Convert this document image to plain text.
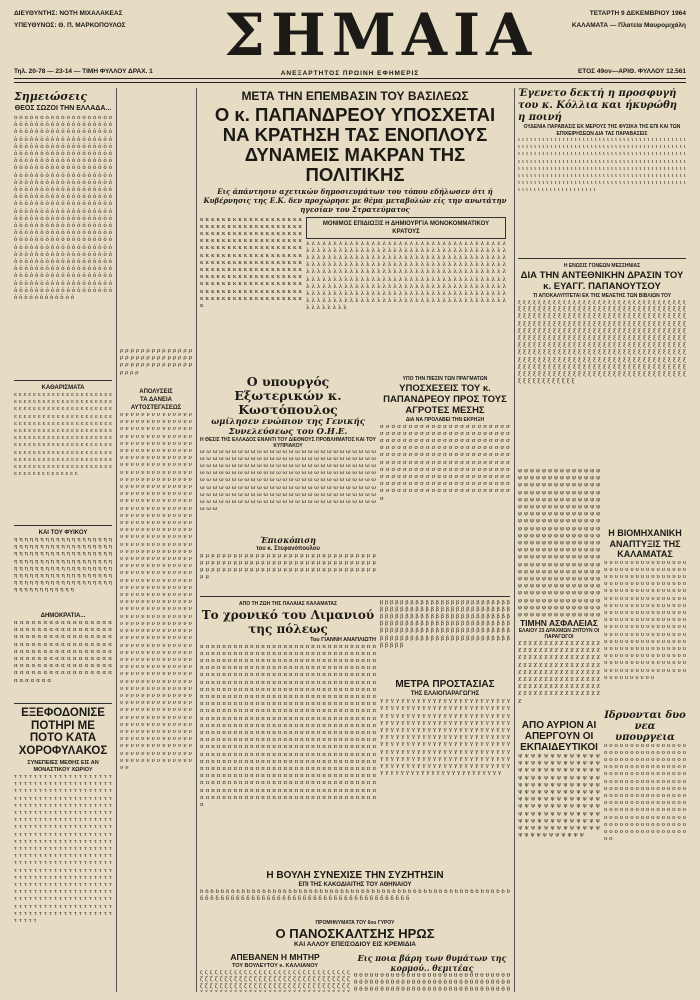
ΔΙΕΥΘΥΝΤΗΣ: ΝΟΤΗ ΜΙΧΑΛΑΚΕΑΣ
ΥΠΕΥΘΥΝΟΣ: Θ. Π. ΜΑΡΚΟΠΟΥΛΟΣ	ΣΗΜΑΙΑ
ΑΝΕΞΑΡΤΗΤΟΣ ΠΡΩΙΝΗ ΕΦΗΜΕΡΙΣ
ΤΕΤΑΡΤΗ 9 ΔΕΚΕΜΒΡΙΟΥ 1964
ΚΑΛΑΜΑΤΑ — Πλατεία Μαυρομιχάλη
Τηλ. 20-78 — 23-14 — ΤΙΜΗ ΦΥΛΛΟΥ ΔΡΑΧ. 1	ΕΤΟΣ 49ον—ΑΡΙΘ. ΦΥΛΛΟΥ 12.561
Σημειώσεις
ΘΕΟΣ ΣΩΖΟΙ ΤΗΝ ΕΛΛΑΔΑ...
ὁ ὁ ὁ ὁ ὁ ὁ ὁ ὁ ὁ ὁ ὁ ὁ ὁ ὁ ὁ ὁ ὁ ὁ ὁ ὁ ὁ ὁ ὁ ὁ ὁ ὁ ὁ ὁ ὁ ὁ ὁ ὁ ὁ ὁ ὁ ὁ ὁ ὁ ὁ ὁ ὁ ὁ ὁ ὁ ὁ ὁ ὁ ὁ ὁ ὁ ὁ ὁ ὁ ὁ ὁ ὁ ὁ ὁ ὁ ὁ ὁ ὁ ὁ ὁ ὁ ὁ ὁ ὁ ὁ ὁ ὁ ὁ ὁ ὁ ὁ ὁ ὁ ὁ ὁ ὁ ὁ ὁ ὁ ὁ ὁ ὁ ὁ ὁ ὁ ὁ ὁ ὁ ὁ ὁ ὁ ὁ ὁ ὁ ὁ ὁ ὁ ὁ ὁ ὁ ὁ ὁ ὁ ὁ ὁ ὁ ὁ ὁ ὁ ὁ ὁ ὁ ὁ ὁ ὁ ὁ ὁ ὁ ὁ ὁ ὁ ὁ ὁ ὁ ὁ ὁ ὁ ὁ ὁ ὁ ὁ ὁ ὁ ὁ ὁ ὁ ὁ ὁ ὁ ὁ ὁ ὁ ὁ ὁ ὁ ὁ ὁ ὁ ὁ ὁ ὁ ὁ ὁ ὁ ὁ ὁ ὁ ὁ ὁ ὁ ὁ ὁ ὁ ὁ ὁ ὁ ὁ ὁ ὁ ὁ ὁ ὁ ὁ ὁ ὁ ὁ ὁ ὁ ὁ ὁ ὁ ὁ ὁ ὁ ὁ ὁ ὁ ὁ ὁ ὁ ὁ ὁ ὁ ὁ ὁ ὁ ὁ ὁ ὁ ὁ ὁ ὁ ὁ ὁ ὁ ὁ ὁ ὁ ὁ ὁ ὁ ὁ ὁ ὁ ὁ ὁ ὁ ὁ ὁ ὁ ὁ ὁ ὁ ὁ ὁ ὁ ὁ ὁ ὁ ὁ ὁ ὁ ὁ ὁ ὁ ὁ ὁ ὁ ὁ ὁ ὁ ὁ ὁ ὁ ὁ ὁ ὁ ὁ ὁ ὁ ὁ ὁ ὁ ὁ ὁ ὁ ὁ ὁ ὁ ὁ ὁ ὁ ὁ ὁ ὁ ὁ ὁ ὁ ὁ ὁ ὁ ὁ ὁ ὁ ὁ ὁ ὁ ὁ ὁ ὁ ὁ ὁ ὁ ὁ ὁ ὁ ὁ ὁ ὁ ὁ ὁ ὁ ὁ ὁ ὁ ὁ ὁ ὁ ὁ ὁ ὁ ὁ ὁ ὁ ὁ ὁ ὁ ὁ ὁ ὁ ὁ ὁ ὁ ὁ ὁ ὁ ὁ ὁ ὁ ὁ ὁ ὁ ὁ ὁ ὁ ὁ ὁ ὁ ὁ ὁ ὁ ὁ ὁ ὁ ὁ ὁ ὁ ὁ ὁ ὁ ὁ ὁ ὁ ὁ ὁ ὁ ὁ ὁ ὁ ὁ ὁ ὁ ὁ ὁ ὁ ὁ ὁ ὁ ὁ ὁ ὁ ὁ ὁ ὁ ὁ ὁ ὁ ὁ ὁ ὁ ὁ ὁ ὁ ὁ ὁ ὁ ὁ ὁ ὁ ὁ ὁ ὁ ὁ ὁ ὁ ὁ ὁ ὁ ὁ ὁ ὁ ὁ ὁ ὁ ὁ ὁ ὁ ὁ ὁ ὁ ὁ ὁ ὁ ὁ ὁ ὁ ὁ ὁ ὁ ὁ ὁ ὁ ὁ ὁ ὁ ὁ ὁ ὁ ὁ ὁ ὁ ὁ ὁ ὁ ὁ ὁ ὁ ὁ ὁ ὁ ὁ ὁ ὁ ὁ ὁ ὁ ὁ ὁ ὁ ὁ ὁ ὁ ὁ ὁ ὁ ὁ ὁ ὁ ὁ ὁ ὁ ὁ ὁ ὁ ὁ ὁ ὁ ὁ ὁ ὁ ὁ ὁ ὁ ὁ ὁ ὁ ὁ ὁ ὁ ὁ ὁ ὁ ὁ ὁ ὁ ὁ ὁ ὁ ὁ ὁ ὁ ὁ ὁ
ΚΑΘΑΡΙΣΜΑΤΑ
ε ε ε ε ε ε ε ε ε ε ε ε ε ε ε ε ε ε ε ε ε ε ε ε ε ε ε ε ε ε ε ε ε ε ε ε ε ε ε ε ε ε ε ε ε ε ε ε ε ε ε ε ε ε ε ε ε ε ε ε ε ε ε ε ε ε ε ε ε ε ε ε ε ε ε ε ε ε ε ε ε ε ε ε ε ε ε ε ε ε ε ε ε ε ε ε ε ε ε ε ε ε ε ε ε ε ε ε ε ε ε ε ε ε ε ε ε ε ε ε ε ε ε ε ε ε ε ε ε ε ε ε ε ε ε ε ε ε ε ε ε ε ε ε ε ε ε ε ε ε ε ε ε ε ε ε ε ε ε ε ε ε ε ε ε ε ε ε ε ε ε ε ε ε ε ε ε ε ε ε ε ε ε ε ε ε ε ε ε ε ε ε ε ε ε ε ε ε ε ε ε ε ε ε ε ε ε ε ε ε ε ε ε ε ε ε ε ε ε ε ε ε ε ε ε ε ε ε ε ε ε ε ε ε ε ε ε ε ε ε ε ε ε ε ε
ΚΑΙ ΤΟΥ ΦΥΙΚΟΥ
η η η η η η η η η η η η η η η η η η η η η η η η η η η η η η η η η η η η η η η η η η η η η η η η η η η η η η η η η η η η η η η η η η η η η η η η η η η η η η η η η η η η η η η η η η η η η η η η η η η η η η η η η η η η η η η η η η η η η η η η η η η η η η η η η η η η η η η η η η η η η η η η η
ΔΗΜΟΚΡΑΤΙΑ...
α α α α α α α α α α α α α α α α α α α α α α α α α α α α α α α α α α α α α α α α α α α α α α α α α α α α α α α α α α α α α α α α α α α α α α α α α α α α α α α α α α α α α α α α α α α α α α α α α α α α α α α α α α α α α α α α α α α α α α α α α α α α α α α α α α α α α α α α α α α α α α α
ΕΞΕΦΟΔΟΝΙΣΕ ΠΟΤΗΡΙ ΜΕ ΠΟΤΟ ΚΑΤΑ ΧΟΡΟΦΥΛΑΚΟΣ
ΣΥΝΕΠΕΙΕΣ ΜΕΘΗΣ ΕΙΣ ΑΝ ΜΟΝΑΣΤΙΚΟΥ ΧΩΡΙΟΥ
τ τ τ τ τ τ τ τ τ τ τ τ τ τ τ τ τ τ τ τ τ τ τ τ τ τ τ τ τ τ τ τ τ τ τ τ τ τ τ τ τ τ τ τ τ τ τ τ τ τ τ τ τ τ τ τ τ τ τ τ τ τ τ τ τ τ τ τ τ τ τ τ τ τ τ τ τ τ τ τ τ τ τ τ τ τ τ τ τ τ τ τ τ τ τ τ τ τ τ τ τ τ τ τ τ τ τ τ τ τ τ τ τ τ τ τ τ τ τ τ τ τ τ τ τ τ τ τ τ τ τ τ τ τ τ τ τ τ τ τ τ τ τ τ τ τ τ τ τ τ τ τ τ τ τ τ τ τ τ τ τ τ τ τ τ τ τ τ τ τ τ τ τ τ τ τ τ τ τ τ τ τ τ τ τ τ τ τ τ τ τ τ τ τ τ τ τ τ τ τ τ τ τ τ τ τ τ τ τ τ τ τ τ τ τ τ τ τ τ τ τ τ τ τ τ τ τ τ τ τ τ τ τ τ τ τ τ τ τ τ τ τ τ τ τ τ τ τ τ τ τ τ τ τ τ τ τ τ τ τ τ τ τ τ τ τ τ τ τ τ τ τ τ τ τ τ τ τ τ τ τ τ τ τ τ τ τ τ τ τ τ τ τ τ τ τ τ τ τ τ τ τ τ τ τ τ τ τ τ τ τ τ τ τ τ τ τ τ τ τ τ τ τ τ τ τ τ τ τ τ τ τ τ τ τ τ τ τ τ τ τ τ τ τ τ τ τ τ τ τ τ τ τ τ τ τ τ τ τ τ τ τ τ τ τ τ τ τ τ τ τ τ τ τ τ τ τ τ τ τ τ τ τ τ τ τ τ τ τ τ τ τ τ τ τ τ τ τ τ τ τ τ τ τ τ
ρ ρ ρ ρ ρ ρ ρ ρ ρ ρ ρ ρ ρ ρ ρ ρ ρ ρ ρ ρ ρ ρ ρ ρ ρ ρ ρ ρ ρ ρ ρ ρ ρ ρ ρ ρ ρ ρ ρ ρ ρ ρ ρ ρ ρ ρ
ΑΠΟΛΥΣΕΙΣ
ΤΑ ΔΑΝΕΙΑ ΑΥΤΟΣΤΕΓΑΣΕΩΣ
ν ν ν ν ν ν ν ν ν ν ν ν ν ν ν ν ν ν ν ν ν ν ν ν ν ν ν ν ν ν ν ν ν ν ν ν ν ν ν ν ν ν ν ν ν ν ν ν ν ν ν ν ν ν ν ν ν ν ν ν ν ν ν ν ν ν ν ν ν ν ν ν ν ν ν ν ν ν ν ν ν ν ν ν ν ν ν ν ν ν ν ν ν ν ν ν ν ν ν ν ν ν ν ν ν ν ν ν ν ν ν ν ν ν ν ν ν ν ν ν ν ν ν ν ν ν ν ν ν ν ν ν ν ν ν ν ν ν ν ν ν ν ν ν ν ν ν ν ν ν ν ν ν ν ν ν ν ν ν ν ν ν ν ν ν ν ν ν ν ν ν ν ν ν ν ν ν ν ν ν ν ν ν ν ν ν ν ν ν ν ν ν ν ν ν ν ν ν ν ν ν ν ν ν ν ν ν ν ν ν ν ν ν ν ν ν ν ν ν ν ν ν ν ν ν ν ν ν ν ν ν ν ν ν ν ν ν ν ν ν ν ν ν ν ν ν ν ν ν ν ν ν ν ν ν ν ν ν ν ν ν ν ν ν ν ν ν ν ν ν ν ν ν ν ν ν ν ν ν ν ν ν ν ν ν ν ν ν ν ν ν ν ν ν ν ν ν ν ν ν ν ν ν ν ν ν ν ν ν ν ν ν ν ν ν ν ν ν ν ν ν ν ν ν ν ν ν ν ν ν ν ν ν ν ν ν ν ν ν ν ν ν ν ν ν ν ν ν ν ν ν ν ν ν ν ν ν ν ν ν ν ν ν ν ν ν ν ν ν ν ν ν ν ν ν ν ν ν ν ν ν ν ν ν ν ν ν ν ν ν ν ν ν ν ν ν ν ν ν ν ν ν ν ν ν ν ν ν ν ν ν ν ν ν ν ν ν ν ν ν ν ν ν ν ν ν ν ν ν ν ν ν ν ν ν ν ν ν ν ν ν ν ν ν ν ν ν ν ν ν ν ν ν ν ν ν ν ν ν ν ν ν ν ν ν ν ν ν ν ν ν ν ν ν ν ν ν ν ν ν ν ν ν ν ν ν ν ν ν ν ν ν ν ν ν ν ν ν ν ν ν ν ν ν ν ν ν ν ν ν ν ν ν ν ν ν ν ν ν ν ν ν ν ν ν ν ν ν ν ν ν ν ν ν ν ν ν ν ν ν ν ν ν ν ν ν ν ν ν ν ν ν ν ν ν ν ν ν ν ν ν ν ν ν ν ν ν ν ν ν ν ν ν ν ν ν ν ν ν ν ν ν ν ν ν ν ν ν ν ν ν ν ν ν ν ν ν ν ν ν ν ν ν ν ν ν ν ν ν ν ν ν ν ν ν ν ν ν ν ν ν ν ν ν ν ν ν ν ν ν ν ν ν ν ν ν ν ν ν ν ν ν ν ν ν ν ν ν ν ν ν ν ν ν ν ν ν ν ν ν ν ν ν ν ν ν ν ν ν ν ν ν ν ν ν ν ν ν ν ν ν ν ν ν ν ν ν ν
ΜΕΤΑ ΤΗΝ ΕΠΕΜΒΑΣΙΝ ΤΟΥ ΒΑΣΙΛΕΩΣ
Ο κ. ΠΑΠΑΝΔΡΕΟΥ ΥΠΟΣΧΕΤΑΙ ΝΑ ΚΡΑΤΗΣΗ ΤΑΣ ΕΝΟΠΛΟΥΣ ΔΥΝΑΜΕΙΣ ΜΑΚΡΑΝ ΤΗΣ ΠΟΛΙΤΙΚΗΣ
Εις άπάντησιν αχετικών δημοσιευμάτων του τόπου εδήλωσεν ότι ή Κυβέρνησις της Ε.Κ. δεν προχώρησε με θέμα μεταβολών είς την ανωτάτην ηγεσίαν του Στρατεύματος
κ κ κ κ κ κ κ κ κ κ κ κ κ κ κ κ κ κ κ κ κ κ κ κ κ κ κ κ κ κ κ κ κ κ κ κ κ κ κ κ κ κ κ κ κ κ κ κ κ κ κ κ κ κ κ κ κ κ κ κ κ κ κ κ κ κ κ κ κ κ κ κ κ κ κ κ κ κ κ κ κ κ κ κ κ κ κ κ κ κ κ κ κ κ κ κ κ κ κ κ κ κ κ κ κ κ κ κ κ κ κ κ κ κ κ κ κ κ κ κ κ κ κ κ κ κ κ κ κ κ κ κ κ κ κ κ κ κ κ κ κ κ κ κ κ κ κ κ κ κ κ κ κ κ κ κ κ κ κ κ κ κ κ κ κ κ κ κ κ κ κ κ κ κ κ κ κ κ κ κ κ κ κ κ κ κ κ κ κ κ κ κ κ κ κ κ κ κ κ κ κ κ κ κ κ κ κ κ κ κ κ κ κ κ κ κ κ κ κ κ κ κ κ κ κ κ κ κ κ
ΜΟΝΙΜΟΣ ΕΠΙΔΙΩΞΙΣ Η ΔΗΜΙΟΥΡΓΙΑ ΜΟΝΟΚΟΜΜΑΤΙΚΟΥ ΚΡΑΤΟΥΣ
λ λ λ λ λ λ λ λ λ λ λ λ λ λ λ λ λ λ λ λ λ λ λ λ λ λ λ λ λ λ λ λ λ λ λ λ λ λ λ λ λ λ λ λ λ λ λ λ λ λ λ λ λ λ λ λ λ λ λ λ λ λ λ λ λ λ λ λ λ λ λ λ λ λ λ λ λ λ λ λ λ λ λ λ λ λ λ λ λ λ λ λ λ λ λ λ λ λ λ λ λ λ λ λ λ λ λ λ λ λ λ λ λ λ λ λ λ λ λ λ λ λ λ λ λ λ λ λ λ λ λ λ λ λ λ λ λ λ λ λ λ λ λ λ λ λ λ λ λ λ λ λ λ λ λ λ λ λ λ λ λ λ λ λ λ λ λ λ λ λ λ λ λ λ λ λ λ λ λ λ λ λ λ λ λ λ λ λ λ λ λ λ λ λ λ λ λ λ λ λ λ λ λ λ λ λ λ λ λ λ λ λ λ λ λ λ λ λ λ λ λ λ λ λ λ λ λ λ λ λ λ λ λ λ λ λ λ λ λ λ λ λ λ λ λ λ λ λ λ λ λ λ λ λ λ λ λ λ λ λ λ λ λ λ λ λ λ λ λ λ λ λ λ λ λ λ λ λ λ λ λ λ λ λ λ λ λ λ λ λ λ λ λ λ λ λ λ λ λ λ λ λ λ λ λ λ λ λ λ λ λ λ λ λ λ λ λ λ λ λ λ λ λ λ λ λ λ λ λ λ λ λ λ λ λ λ λ λ λ λ λ
Ο υπουργός Εξωτερικών κ. Κωστόπουλος
ωμίλησεν ενώπιον της Γενικής Συνελεύσεως του Ο.Η.Ε.
Η ΘΕΣΙΣ ΤΗΣ ΕΛΛΑΔΟΣ ΕΝΑΝΤΙ ΤΟΥ ΔΙΕΘΝΟΥΣ ΠΡΟΒΛΗΜΑΤΟΣ ΚΑΙ ΤΟΥ ΚΥΠΡΙΑΚΟΥ
ω ω ω ω ω ω ω ω ω ω ω ω ω ω ω ω ω ω ω ω ω ω ω ω ω ω ω ω ω ω ω ω ω ω ω ω ω ω ω ω ω ω ω ω ω ω ω ω ω ω ω ω ω ω ω ω ω ω ω ω ω ω ω ω ω ω ω ω ω ω ω ω ω ω ω ω ω ω ω ω ω ω ω ω ω ω ω ω ω ω ω ω ω ω ω ω ω ω ω ω ω ω ω ω ω ω ω ω ω ω ω ω ω ω ω ω ω ω ω ω ω ω ω ω ω ω ω ω ω ω ω ω ω ω ω ω ω ω ω ω ω ω ω ω ω ω ω ω ω ω ω ω ω ω ω ω ω ω ω ω ω ω ω ω ω ω ω ω ω ω ω ω ω ω ω ω ω ω ω ω ω ω ω ω ω ω ω ω ω ω ω ω ω ω ω ω ω ω ω ω ω ω ω ω ω ω ω ω ω ω ω ω ω ω ω ω ω ω ω ω ω ω ω ω ω ω ω
Έπισκόπιση
του κ. Στεφανόπουλου
μ μ μ μ μ μ μ μ μ μ μ μ μ μ μ μ μ μ μ μ μ μ μ μ μ μ μ μ μ μ μ μ μ μ μ μ μ μ μ μ μ μ μ μ μ μ μ μ μ μ μ μ μ μ μ μ μ μ μ μ μ μ μ μ μ μ μ μ μ μ μ μ μ μ μ μ μ μ μ μ μ μ μ μ μ μ μ μ μ μ μ μ μ μ μ μ μ μ
ΥΠΟ ΤΗΝ ΠΙΕΣΙΝ ΤΩΝ ΠΡΑΓΜΑΤΩΝ
ΥΠΟΣΧΕΣΕΙΣ ΤΟΥ κ. ΠΑΠΑΝΔΡΕΟΥ ΠΡΟΣ ΤΟΥΣ ΑΓΡΟΤΕΣ ΜΕΣΗΣ
ΔΙΑ ΝΑ ΠΡΟΛΑΒΕΙ ΤΗΝ ΕΚΡΗΞΗ
σ σ σ σ σ σ σ σ σ σ σ σ σ σ σ σ σ σ σ σ σ σ σ σ σ σ σ σ σ σ σ σ σ σ σ σ σ σ σ σ σ σ σ σ σ σ σ σ σ σ σ σ σ σ σ σ σ σ σ σ σ σ σ σ σ σ σ σ σ σ σ σ σ σ σ σ σ σ σ σ σ σ σ σ σ σ σ σ σ σ σ σ σ σ σ σ σ σ σ σ σ σ σ σ σ σ σ σ σ σ σ σ σ σ σ σ σ σ σ σ σ σ σ σ σ σ σ σ σ σ σ σ σ σ σ σ σ σ σ σ σ σ σ σ σ σ σ σ σ σ σ σ σ σ σ σ σ σ σ σ σ σ σ σ σ σ σ σ σ σ σ σ σ σ σ σ σ σ σ σ σ σ σ σ σ σ σ σ σ σ σ σ σ σ σ σ σ σ σ σ σ σ σ σ σ σ σ σ σ σ σ σ σ σ σ σ σ σ σ σ σ σ σ σ σ σ σ σ σ σ σ
ΑΠΟ ΤΗ ΖΩΗ ΤΗΣ ΠΑΛΑΙΑΣ ΚΑΛΑΜΑΤΑΣ
Το χρονικό του Λιμανιού της πόλεως
Του ΓΙΑΝΝΗ ΑΝΑΠΛΙΩΤΗ
π π π π π π π π π π π π π π π π π π π π π π π π π π π π π π π π π π π π π π π π π π π π π π π π π π π π π π π π π π π π π π π π π π π π π π π π π π π π π π π π π π π π π π π π π π π π π π π π π π π π π π π π π π π π π π π π π π π π π π π π π π π π π π π π π π π π π π π π π π π π π π π π π π π π π π π π π π π π π π π π π π π π π π π π π π π π π π π π π π π π π π π π π π π π π π π π π π π π π π π π π π π π π π π π π π π π π π π π π π π π π π π π π π π π π π π π π π π π π π π π π π π π π π π π π π π π π π π π π π π π π π π π π π π π π π π π π π π π π π π π π π π π π π π π π π π π π π π π π π π π π π π π π π π π π π π π π π π π π π π π π π π π π π π π π π π π π π π π π π π π π π π π π π π π π π π π π π π π π π π π π π π π π π π π π π π π π π π π π π π π π π π π π π π π π π π π π π π π π π π π π π π π π π π π π π π π π π π π π π π π π π π π π π π π π π π π π π π π π π π π π π π π π π π π π π π π π π π π π π π π π π π π π π π π π π π π π π π π π π π π π π π π π π π π π π π π π π π π π π π π π π π π π π π π π π π π π π π π π π π π π π π π π π π π π π π π π π π π π π π π π π π π π π π π π π π π π π π π π π π π π π π π π π π π π π π π π π π π π π π π π π π π π π π π π π π π π π π π π π π π π π π π π π π π π π π π π π π π π π π π π π π π π π π π π π π π π π π π π π π π π π π π π π π π π π π π π π π π π π π π π π π π π π π π π π π π π π π π π π π π π π π π π π π π π π π π π π π π π π π π π π π π π
β β β β β β β β β β β β β β β β β β β β β β β β β β β β β β β β β β β β β β β β β β β β β β β β β β β β β β β β β β β β β β β β β β β β β β β β β β β β β β β β β β β β β β β β β β β β β β β β β β β β β β β β β β β β β β β β β β β β β β β β β β β β β β β β β β β β β β β β β β β β β β β β β β β β β β β β β β β β β β β β β
ΜΕΤΡΑ ΠΡΟΣΤΑΣΙΑΣ
ΤΗΣ ΕΛΑΙΟΠΑΡΑΓΩΓΗΣ
γ γ γ γ γ γ γ γ γ γ γ γ γ γ γ γ γ γ γ γ γ γ γ γ γ γ γ γ γ γ γ γ γ γ γ γ γ γ γ γ γ γ γ γ γ γ γ γ γ γ γ γ γ γ γ γ γ γ γ γ γ γ γ γ γ γ γ γ γ γ γ γ γ γ γ γ γ γ γ γ γ γ γ γ γ γ γ γ γ γ γ γ γ γ γ γ γ γ γ γ γ γ γ γ γ γ γ γ γ γ γ γ γ γ γ γ γ γ γ γ γ γ γ γ γ γ γ γ γ γ γ γ γ γ γ γ γ γ γ γ γ γ γ γ γ γ γ γ γ γ γ γ γ γ γ γ γ γ γ γ γ γ γ γ γ γ γ γ γ γ γ γ γ γ γ γ γ γ γ γ γ γ γ γ γ γ γ γ γ γ γ γ γ γ γ γ γ γ γ γ γ γ γ γ γ γ γ γ γ γ γ γ γ γ γ γ γ γ γ γ γ γ γ γ γ γ γ γ γ γ γ γ γ γ γ γ γ γ γ γ γ γ γ γ γ γ γ γ γ γ γ γ γ γ γ γ γ γ γ γ γ γ γ γ γ γ γ γ γ γ γ γ γ γ
Η ΒΟΥΛΗ ΣΥΝΕΧΙΣΕ ΤΗΝ ΣΥΖΗΤΗΣΙΝ
ΕΠΙ ΤΗΣ ΚΑΚΟΔΙΑΙΤΗΣ ΤΟΥ ΑΘΗΝΑΙΟΥ
δ δ δ δ δ δ δ δ δ δ δ δ δ δ δ δ δ δ δ δ δ δ δ δ δ δ δ δ δ δ δ δ δ δ δ δ δ δ δ δ δ δ δ δ δ δ δ δ δ δ δ δ δ δ δ δ δ δ δ δ δ δ δ δ δ δ δ δ δ δ δ δ δ δ δ δ δ δ δ δ δ δ δ δ δ δ δ δ δ δ δ δ δ δ δ δ δ δ δ δ δ
ΠΡΟΜΗΝΥΜΑΤΑ ΤΟΥ 6ου ΓΥΡΟΥ
Ο ΠΑΝΟΣΚΑΛΤΣΗΣ ΗΡΩΣ
ΚΑΙ ΑΛΛΟΥ ΕΠΕΙΣΟΔΙΟΥ ΕΙΣ ΚΡΕΜΙΔΙΑ
ΑΠΕΒΑΝΕΝ Η ΜΗΤΗΡ
ΤΟΥ ΒΟΥΛΕΥΤΟΥ κ. ΚΑΛΛΙΑΝΟΥ
ζ ζ ζ ζ ζ ζ ζ ζ ζ ζ ζ ζ ζ ζ ζ ζ ζ ζ ζ ζ ζ ζ ζ ζ ζ ζ ζ ζ ζ ζ ζ ζ ζ ζ ζ ζ ζ ζ ζ ζ ζ ζ ζ ζ ζ ζ ζ ζ ζ ζ ζ ζ ζ ζ ζ ζ ζ ζ ζ ζ ζ ζ ζ ζ ζ ζ ζ ζ ζ ζ ζ ζ ζ ζ ζ ζ ζ ζ ζ ζ ζ ζ ζ ζ ζ ζ ζ ζ ζ ζ ζ ζ ζ
Εις ποια βάρη των θυμάτων της κορμού.. θεμιτέας
θ θ θ θ θ θ θ θ θ θ θ θ θ θ θ θ θ θ θ θ θ θ θ θ θ θ θ θ θ θ θ θ θ θ θ θ θ θ θ θ θ θ θ θ θ θ θ θ θ θ θ θ θ θ θ θ θ θ θ θ θ θ θ θ θ θ θ θ θ θ θ θ θ θ θ θ θ θ θ θ θ θ θ θ θ θ θ θ θ θ
Έγενετο δεκτή η προσφυγή του κ. Κόλλια και ήκυρώθη η ποινή
ΟΥΔΕΝΙΑ ΠΑΡΑΒΑΣΙΣ ΕΚ ΜΕΡΟΥΣ ΤΗΣ ΦΥΣΙΚΑ ΤΗΣ ΕΠΙ ΚΑΙ ΤΩΝ ΕΠΙΧΕΙΡΗΣΕΩΝ ΔΙΑ ΤΑΣ ΠΑΡΑΒΑΣΕΙΣ
ι ι ι ι ι ι ι ι ι ι ι ι ι ι ι ι ι ι ι ι ι ι ι ι ι ι ι ι ι ι ι ι ι ι ι ι ι ι ι ι ι ι ι ι ι ι ι ι ι ι ι ι ι ι ι ι ι ι ι ι ι ι ι ι ι ι ι ι ι ι ι ι ι ι ι ι ι ι ι ι ι ι ι ι ι ι ι ι ι ι ι ι ι ι ι ι ι ι ι ι ι ι ι ι ι ι ι ι ι ι ι ι ι ι ι ι ι ι ι ι ι ι ι ι ι ι ι ι ι ι ι ι ι ι ι ι ι ι ι ι ι ι ι ι ι ι ι ι ι ι ι ι ι ι ι ι ι ι ι ι ι ι ι ι ι ι ι ι ι ι ι ι ι ι ι ι ι ι ι ι ι ι ι ι ι ι ι ι ι ι ι ι ι ι ι ι ι ι ι ι ι ι ι ι ι ι ι ι ι ι ι ι ι ι ι ι ι ι ι ι ι ι ι ι ι ι ι ι ι ι ι ι ι ι ι ι ι ι ι ι ι ι ι ι ι ι ι ι ι ι ι ι ι ι ι ι ι ι ι ι ι ι ι ι ι ι ι ι ι ι ι ι ι ι ι ι ι ι ι ι ι ι ι ι ι ι ι ι ι ι ι ι ι ι ι ι ι ι ι ι ι ι ι ι ι ι ι ι ι ι ι ι ι ι
Η ΕΝΩΣΙΣ ΓΟΝΕΩΝ ΜΕΣΣΗΝΙΑΣ
ΔΙΑ ΤΗΝ ΑΝΤΕΘΝΙΚΗΝ ΔΡΑΣΙΝ ΤΟΥ κ. ΕΥΑΓΓ. ΠΑΠΑΝΟΥΤΣΟΥ
ΤΙ ΑΠΟΚΑΛΥΠΤΕΤΑΙ ΕΚ ΤΗΣ ΜΕΛΕΤΗΣ ΤΩΝ ΒΙΒΛΙΩΝ ΤΟΥ
ξ ξ ξ ξ ξ ξ ξ ξ ξ ξ ξ ξ ξ ξ ξ ξ ξ ξ ξ ξ ξ ξ ξ ξ ξ ξ ξ ξ ξ ξ ξ ξ ξ ξ ξ ξ ξ ξ ξ ξ ξ ξ ξ ξ ξ ξ ξ ξ ξ ξ ξ ξ ξ ξ ξ ξ ξ ξ ξ ξ ξ ξ ξ ξ ξ ξ ξ ξ ξ ξ ξ ξ ξ ξ ξ ξ ξ ξ ξ ξ ξ ξ ξ ξ ξ ξ ξ ξ ξ ξ ξ ξ ξ ξ ξ ξ ξ ξ ξ ξ ξ ξ ξ ξ ξ ξ ξ ξ ξ ξ ξ ξ ξ ξ ξ ξ ξ ξ ξ ξ ξ ξ ξ ξ ξ ξ ξ ξ ξ ξ ξ ξ ξ ξ ξ ξ ξ ξ ξ ξ ξ ξ ξ ξ ξ ξ ξ ξ ξ ξ ξ ξ ξ ξ ξ ξ ξ ξ ξ ξ ξ ξ ξ ξ ξ ξ ξ ξ ξ ξ ξ ξ ξ ξ ξ ξ ξ ξ ξ ξ ξ ξ ξ ξ ξ ξ ξ ξ ξ ξ ξ ξ ξ ξ ξ ξ ξ ξ ξ ξ ξ ξ ξ ξ ξ ξ ξ ξ ξ ξ ξ ξ ξ ξ ξ ξ ξ ξ ξ ξ ξ ξ ξ ξ ξ ξ ξ ξ ξ ξ ξ ξ ξ ξ ξ ξ ξ ξ ξ ξ ξ ξ ξ ξ ξ ξ ξ ξ ξ ξ ξ ξ ξ ξ ξ ξ ξ ξ ξ ξ ξ ξ ξ ξ ξ ξ ξ ξ ξ ξ ξ ξ ξ ξ ξ ξ ξ ξ ξ ξ ξ ξ ξ ξ ξ ξ ξ ξ ξ ξ ξ ξ ξ ξ ξ ξ ξ ξ ξ ξ ξ ξ ξ ξ ξ ξ ξ ξ ξ ξ ξ ξ ξ ξ ξ ξ ξ ξ ξ ξ ξ ξ ξ ξ ξ ξ ξ ξ ξ ξ ξ ξ ξ ξ ξ ξ ξ ξ ξ ξ ξ ξ ξ ξ ξ ξ ξ ξ ξ ξ ξ ξ ξ ξ ξ ξ ξ ξ ξ ξ ξ ξ ξ ξ ξ ξ ξ ξ ξ ξ ξ ξ ξ ξ ξ ξ ξ ξ ξ ξ ξ ξ ξ ξ ξ ξ
φ φ φ φ φ φ φ φ φ φ φ φ φ φ φ φ φ φ φ φ φ φ φ φ φ φ φ φ φ φ φ φ φ φ φ φ φ φ φ φ φ φ φ φ φ φ φ φ φ φ φ φ φ φ φ φ φ φ φ φ φ φ φ φ φ φ φ φ φ φ φ φ φ φ φ φ φ φ φ φ φ φ φ φ φ φ φ φ φ φ φ φ φ φ φ φ φ φ φ φ φ φ φ φ φ φ φ φ φ φ φ φ φ φ φ φ φ φ φ φ φ φ φ φ φ φ φ φ φ φ φ φ φ φ φ φ φ φ φ φ φ φ φ φ φ φ φ φ φ φ φ φ φ φ φ φ φ φ φ φ φ φ φ φ φ φ φ φ φ φ φ φ φ φ φ φ φ φ φ φ φ φ φ φ φ φ φ φ φ φ φ φ φ φ φ φ φ φ φ φ φ φ φ φ φ φ φ φ φ φ φ φ φ φ φ φ φ φ φ φ φ φ φ φ φ φ φ φ φ φ φ φ φ φ φ φ φ φ φ φ φ φ φ φ φ φ φ φ φ φ φ φ φ φ φ φ φ φ φ φ φ φ φ φ φ φ φ φ φ φ φ φ φ φ φ φ φ φ φ φ φ φ φ φ φ φ φ φ φ φ φ φ φ φ
ΤΙΜΗΝ ΑΣΦΑΛΕΙΑΣ
ΕΛΑΙΟΥ 23 ΔΡΑΧΜΩΝ ΖΗΤΟΥΝ ΟΙ ΠΑΡΑΓΩΓΟΙ
χ χ χ χ χ χ χ χ χ χ χ χ χ χ χ χ χ χ χ χ χ χ χ χ χ χ χ χ χ χ χ χ χ χ χ χ χ χ χ χ χ χ χ χ χ χ χ χ χ χ χ χ χ χ χ χ χ χ χ χ χ χ χ χ χ χ χ χ χ χ χ χ χ χ χ χ χ χ χ χ χ χ χ χ χ χ χ χ χ χ χ χ χ χ χ χ χ χ χ χ χ χ χ χ χ χ χ χ χ χ χ χ χ χ χ χ χ χ χ χ χ χ χ χ χ χ χ χ χ
ΑΠΟ ΑΥΡΙΟΝ ΑΙ ΑΠΕΡΓΟΥΝ ΟΙ ΕΚΠΑΙΔΕΥΤΙΚΟΙ
ψ ψ ψ ψ ψ ψ ψ ψ ψ ψ ψ ψ ψ ψ ψ ψ ψ ψ ψ ψ ψ ψ ψ ψ ψ ψ ψ ψ ψ ψ ψ ψ ψ ψ ψ ψ ψ ψ ψ ψ ψ ψ ψ ψ ψ ψ ψ ψ ψ ψ ψ ψ ψ ψ ψ ψ ψ ψ ψ ψ ψ ψ ψ ψ ψ ψ ψ ψ ψ ψ ψ ψ ψ ψ ψ ψ ψ ψ ψ ψ ψ ψ ψ ψ ψ ψ ψ ψ ψ ψ ψ ψ ψ ψ ψ ψ ψ ψ ψ ψ ψ ψ ψ ψ ψ ψ ψ ψ ψ ψ ψ ψ ψ ψ ψ ψ ψ ψ ψ ψ ψ ψ ψ ψ ψ ψ ψ ψ ψ ψ ψ ψ ψ ψ ψ ψ ψ ψ ψ ψ ψ ψ ψ ψ ψ ψ ψ ψ ψ ψ ψ ψ ψ ψ
Η ΒΙΟΜΗΧΑΝΙΚΗ ΑΝΑΠΤΥΞΙΣ ΤΗΣ ΚΑΛΑΜΑΤΑΣ
υ υ υ υ υ υ υ υ υ υ υ υ υ υ υ υ υ υ υ υ υ υ υ υ υ υ υ υ υ υ υ υ υ υ υ υ υ υ υ υ υ υ υ υ υ υ υ υ υ υ υ υ υ υ υ υ υ υ υ υ υ υ υ υ υ υ υ υ υ υ υ υ υ υ υ υ υ υ υ υ υ υ υ υ υ υ υ υ υ υ υ υ υ υ υ υ υ υ υ υ υ υ υ υ υ υ υ υ υ υ υ υ υ υ υ υ υ υ υ υ υ υ υ υ υ υ υ υ υ υ υ υ υ υ υ υ υ υ υ υ υ υ υ υ υ υ υ υ υ υ υ υ υ υ υ υ υ υ υ υ υ υ υ υ υ υ υ υ υ υ υ υ υ υ υ υ υ υ υ υ υ υ υ υ υ υ υ υ υ υ υ υ υ υ υ υ υ υ υ υ υ υ υ υ υ υ υ υ υ υ υ υ υ υ υ υ υ υ υ υ υ υ υ υ υ υ υ υ υ υ υ υ υ υ υ υ υ υ υ υ υ υ υ υ υ υ υ υ υ υ υ υ υ υ υ υ υ υ υ υ υ υ υ υ υ υ
Ιδρυονται δυο νεα υπουργεια
ο ο ο ο ο ο ο ο ο ο ο ο ο ο ο ο ο ο ο ο ο ο ο ο ο ο ο ο ο ο ο ο ο ο ο ο ο ο ο ο ο ο ο ο ο ο ο ο ο ο ο ο ο ο ο ο ο ο ο ο ο ο ο ο ο ο ο ο ο ο ο ο ο ο ο ο ο ο ο ο ο ο ο ο ο ο ο ο ο ο ο ο ο ο ο ο ο ο ο ο ο ο ο ο ο ο ο ο ο ο ο ο ο ο ο ο ο ο ο ο ο ο ο ο ο ο ο ο ο ο ο ο ο ο ο ο ο ο ο ο ο ο ο ο ο ο ο ο ο ο ο ο ο ο ο ο ο ο ο ο ο ο ο ο ο ο ο ο ο ο ο ο ο ο ο ο ο ο ο ο ο ο ο ο ο ο ο ο ο ο ο ο ο ο ο ο ο ο ο ο ο ο ο ο ο ο ο ο ο ο
